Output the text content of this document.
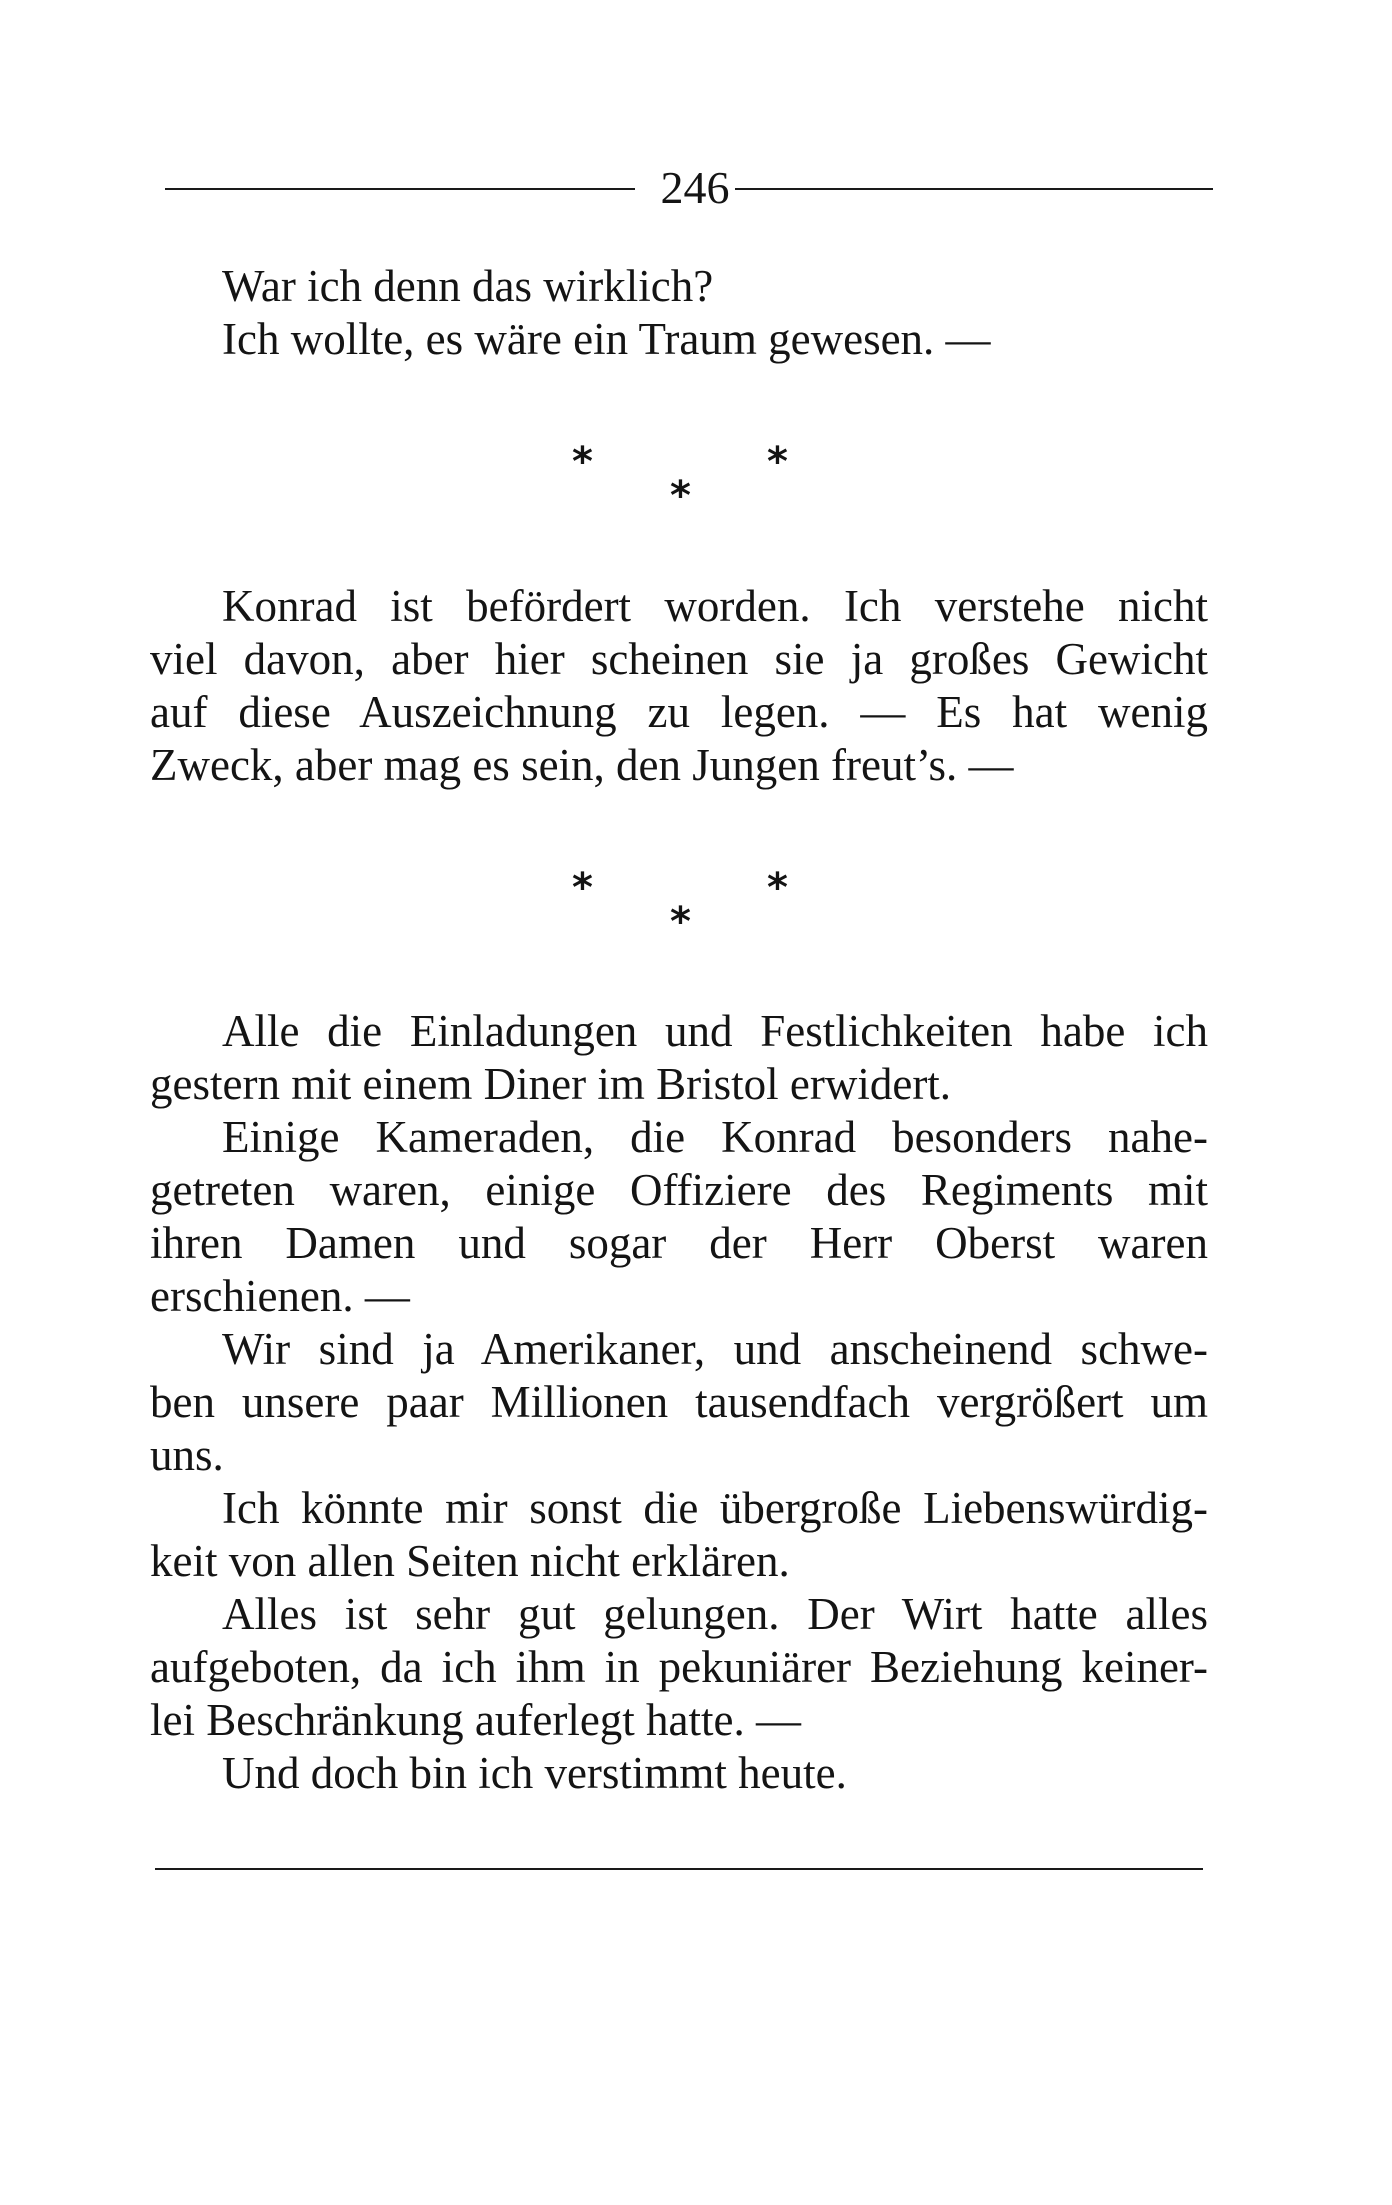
246
War ich denn das wirklich?
Ich wollte, es wäre ein Traum gewesen. —
*	*
*
Konrad ist befördert worden. Ich verstehe nicht
viel davon, aber hier scheinen sie ja großes Gewicht
auf diese Auszeichnung zu legen. — Es hat wenig
Zweck, aber mag es sein, den Jungen freut’s. —
*	*
*
Alle die Einladungen und Festlichkeiten habe ich
gestern mit einem Diner im Bristol erwidert.
Einige Kameraden, die Konrad besonders nahe-
getreten waren, einige Offiziere des Regiments mit
ihren Damen und sogar der Herr Oberst waren
erschienen. —
Wir sind ja Amerikaner, und anscheinend schwe-
ben unsere paar Millionen tausendfach vergrößert um
uns.
Ich könnte mir sonst die übergroße Liebenswürdig-
keit von allen Seiten nicht erklären.
Alles ist sehr gut gelungen. Der Wirt hatte alles
aufgeboten, da ich ihm in pekuniärer Beziehung keiner-
lei Beschränkung auferlegt hatte. —
Und doch bin ich verstimmt heute.
